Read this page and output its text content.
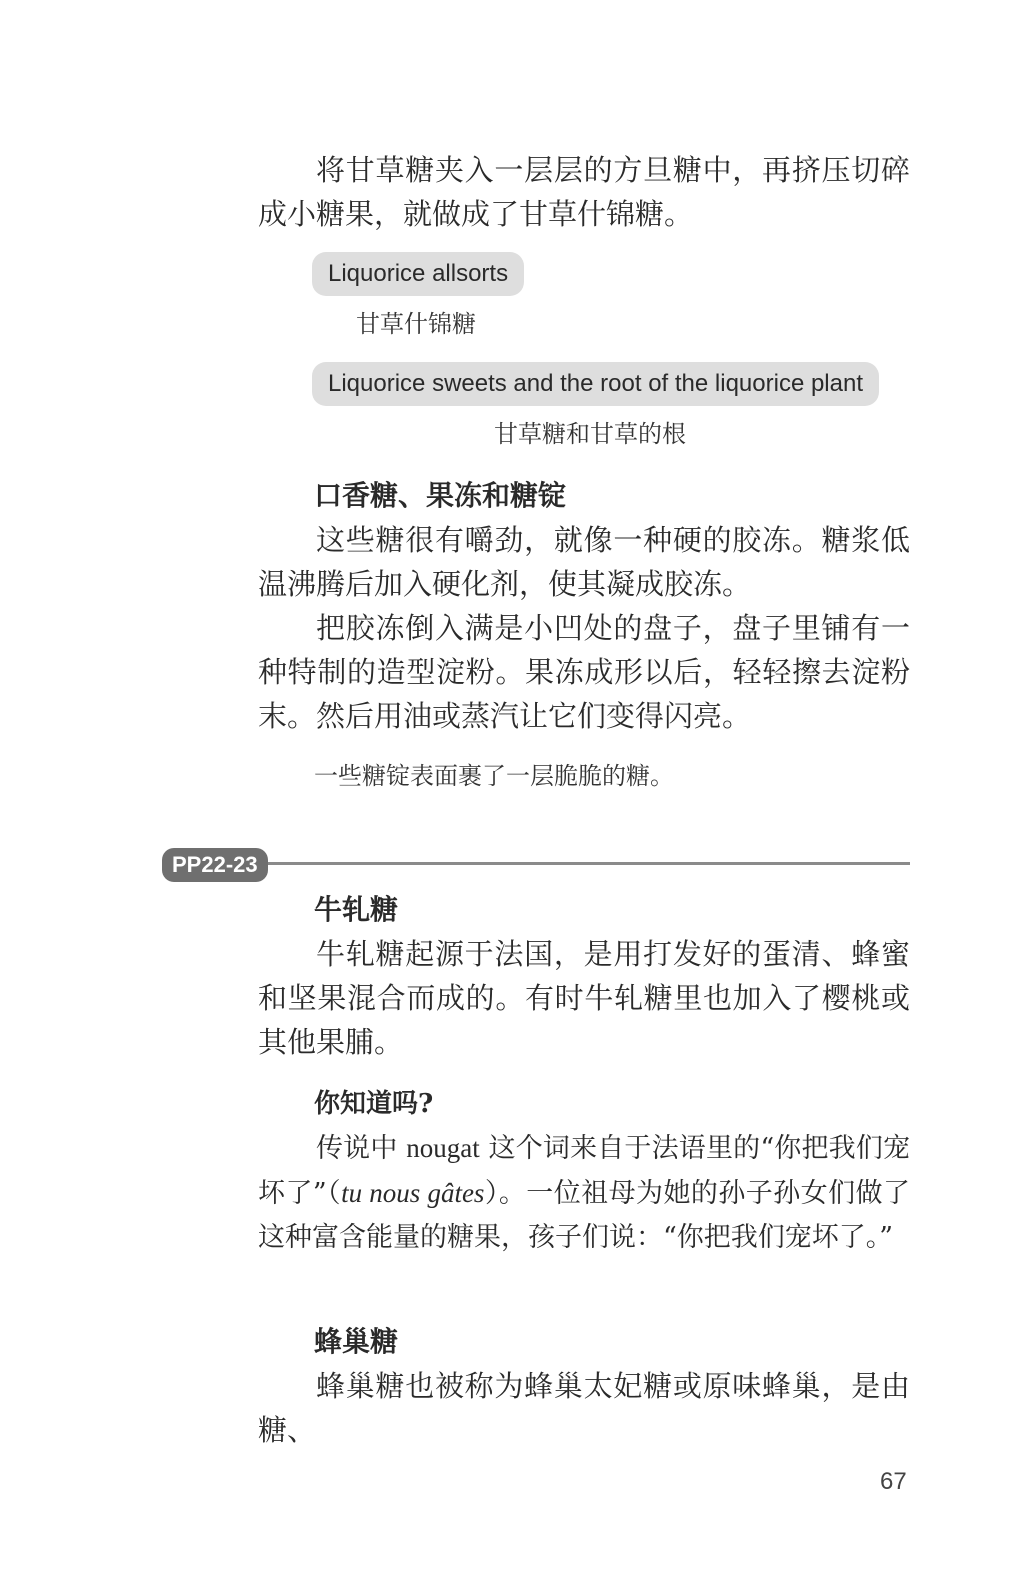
将甘草糖夹入一层层的方旦糖中，再挤压切碎成小糖果，就做成了甘草什锦糖。

Liquorice allsorts
甘草什锦糖
Liquorice sweets and the root of the liquorice plant
甘草糖和甘草的根
口香糖、果冻和糖锭

这些糖很有嚼劲，就像一种硬的胶冻。糖浆低温沸腾后加入硬化剂，使其凝成胶冻。

把胶冻倒入满是小凹处的盘子，盘子里铺有一种特制的造型淀粉。果冻成形以后，轻轻擦去淀粉末。然后用油或蒸汽让它们变得闪亮。

一些糖锭表面裹了一层脆脆的糖。
PP22-23
牛轧糖

牛轧糖起源于法国，是用打发好的蛋清、蜂蜜和坚果混合而成的。有时牛轧糖里也加入了樱桃或其他果脯。

你知道吗?

传说中 nougat 这个词来自于法语里的“你把我们宠坏了”（tu nous gâtes）。一位祖母为她的孙子孙女们做了这种富含能量的糖果，孩子们说：“你把我们宠坏了。”

蜂巢糖

蜂巢糖也被称为蜂巢太妃糖或原味蜂巢，是由糖、

67
